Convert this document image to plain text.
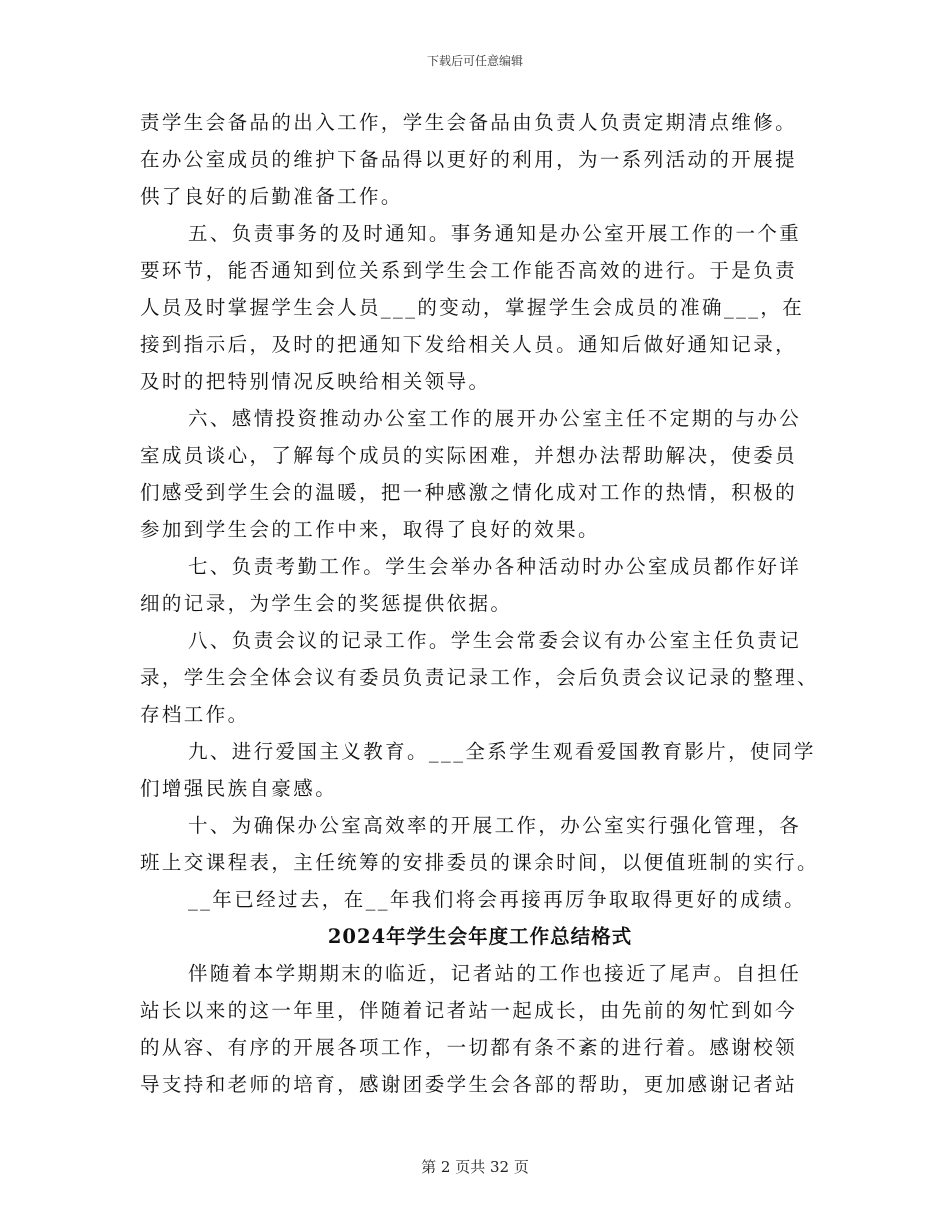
下载后可任意编辑
责学生会备品的出入工作，学生会备品由负责人负责定期清点维修。
在办公室成员的维护下备品得以更好的利用，为一系列活动的开展提
供了良好的后勤准备工作。
五、负责事务的及时通知。事务通知是办公室开展工作的一个重
要环节，能否通知到位关系到学生会工作能否高效的进行。于是负责
人员及时掌握学生会人员___的变动，掌握学生会成员的准确___，在
接到指示后，及时的把通知下发给相关人员。通知后做好通知记录，
及时的把特别情况反映给相关领导。
六、感情投资推动办公室工作的展开办公室主任不定期的与办公
室成员谈心，了解每个成员的实际困难，并想办法帮助解决，使委员
们感受到学生会的温暖，把一种感激之情化成对工作的热情，积极的
参加到学生会的工作中来，取得了良好的效果。
七、负责考勤工作。学生会举办各种活动时办公室成员都作好详
细的记录，为学生会的奖惩提供依据。
八、负责会议的记录工作。学生会常委会议有办公室主任负责记
录，学生会全体会议有委员负责记录工作，会后负责会议记录的整理、
存档工作。
九、进行爱国主义教育。___全系学生观看爱国教育影片，使同学
们增强民族自豪感。
十、为确保办公室高效率的开展工作，办公室实行强化管理，各
班上交课程表，主任统筹的安排委员的课余时间，以便值班制的实行。
__年已经过去，在__年我们将会再接再厉争取取得更好的成绩。
2024年学生会年度工作总结格式
伴随着本学期期末的临近，记者站的工作也接近了尾声。自担任
站长以来的这一年里，伴随着记者站一起成长，由先前的匆忙到如今
的从容、有序的开展各项工作，一切都有条不紊的进行着。感谢校领
导支持和老师的培育，感谢团委学生会各部的帮助，更加感谢记者站
第 2 页共 32 页
